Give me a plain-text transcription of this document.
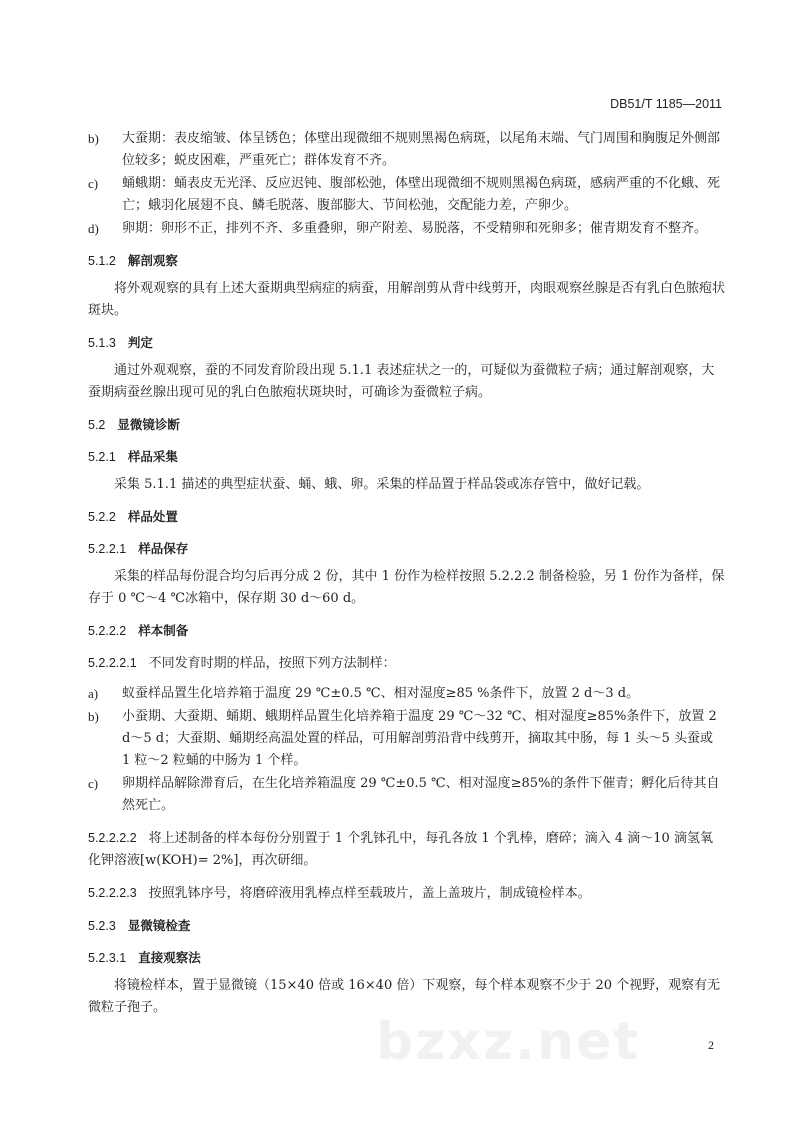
DB51/T 1185—2011
b) 大蚕期：表皮缩皱、体呈锈色；体壁出现微细不规则黑褐色病斑，以尾角末端、气门周围和胸腹足外侧部位较多；蜕皮困难，严重死亡；群体发育不齐。
c) 蛹蛾期：蛹表皮无光泽、反应迟钝、腹部松弛，体壁出现微细不规则黑褐色病斑，感病严重的不化蛾、死亡；蛾羽化展翅不良、鳞毛脱落、腹部膨大、节间松弛，交配能力差，产卵少。
d) 卵期：卵形不正，排列不齐、多重叠卵，卵产附差、易脱落，不受精卵和死卵多；催青期发育不整齐。
5.1.2 解剖观察
将外观观察的具有上述大蚕期典型病症的病蚕，用解剖剪从背中线剪开，肉眼观察丝腺是否有乳白色脓疱状斑块。
5.1.3 判定
通过外观观察，蚕的不同发育阶段出现 5.1.1 表述症状之一的，可疑似为蚕微粒子病；通过解剖观察，大蚕期病蚕丝腺出现可见的乳白色脓疱状斑块时，可确诊为蚕微粒子病。
5.2 显微镜诊断
5.2.1 样品采集
采集 5.1.1 描述的典型症状蚕、蛹、蛾、卵。采集的样品置于样品袋或冻存管中，做好记载。
5.2.2 样品处置
5.2.2.1 样品保存
采集的样品每份混合均匀后再分成 2 份，其中 1 份作为检样按照 5.2.2.2 制备检验，另 1 份作为备样，保存于 0 ℃～4 ℃冰箱中，保存期 30 d～60 d。
5.2.2.2 样本制备
5.2.2.2.1 不同发育时期的样品，按照下列方法制样：
a) 蚁蚕样品置生化培养箱于温度 29 ℃±0.5 ℃、相对湿度≥85 %条件下，放置 2 d～3 d。
b) 小蚕期、大蚕期、蛹期、蛾期样品置生化培养箱于温度 29 ℃～32 ℃、相对湿度≥85%条件下，放置 2 d～5 d；大蚕期、蛹期经高温处置的样品，可用解剖剪沿背中线剪开，摘取其中肠，每 1 头～5 头蚕或 1 粒～2 粒蛹的中肠为 1 个样。
c) 卵期样品解除滞育后，在生化培养箱温度 29 ℃±0.5 ℃、相对湿度≥85%的条件下催青；孵化后待其自然死亡。
5.2.2.2.2 将上述制备的样本每份分别置于 1 个乳钵孔中，每孔各放 1 个乳棒，磨碎；滴入 4 滴～10 滴氢氧化钾溶液[w(KOH)= 2%]，再次研细。
5.2.2.2.3 按照乳钵序号，将磨碎液用乳棒点样至载玻片，盖上盖玻片，制成镜检样本。
5.2.3 显微镜检查
5.2.3.1 直接观察法
将镜检样本，置于显微镜（15×40 倍或 16×40 倍）下观察，每个样本观察不少于 20 个视野，观察有无微粒子孢子。
bzxz.net	2
